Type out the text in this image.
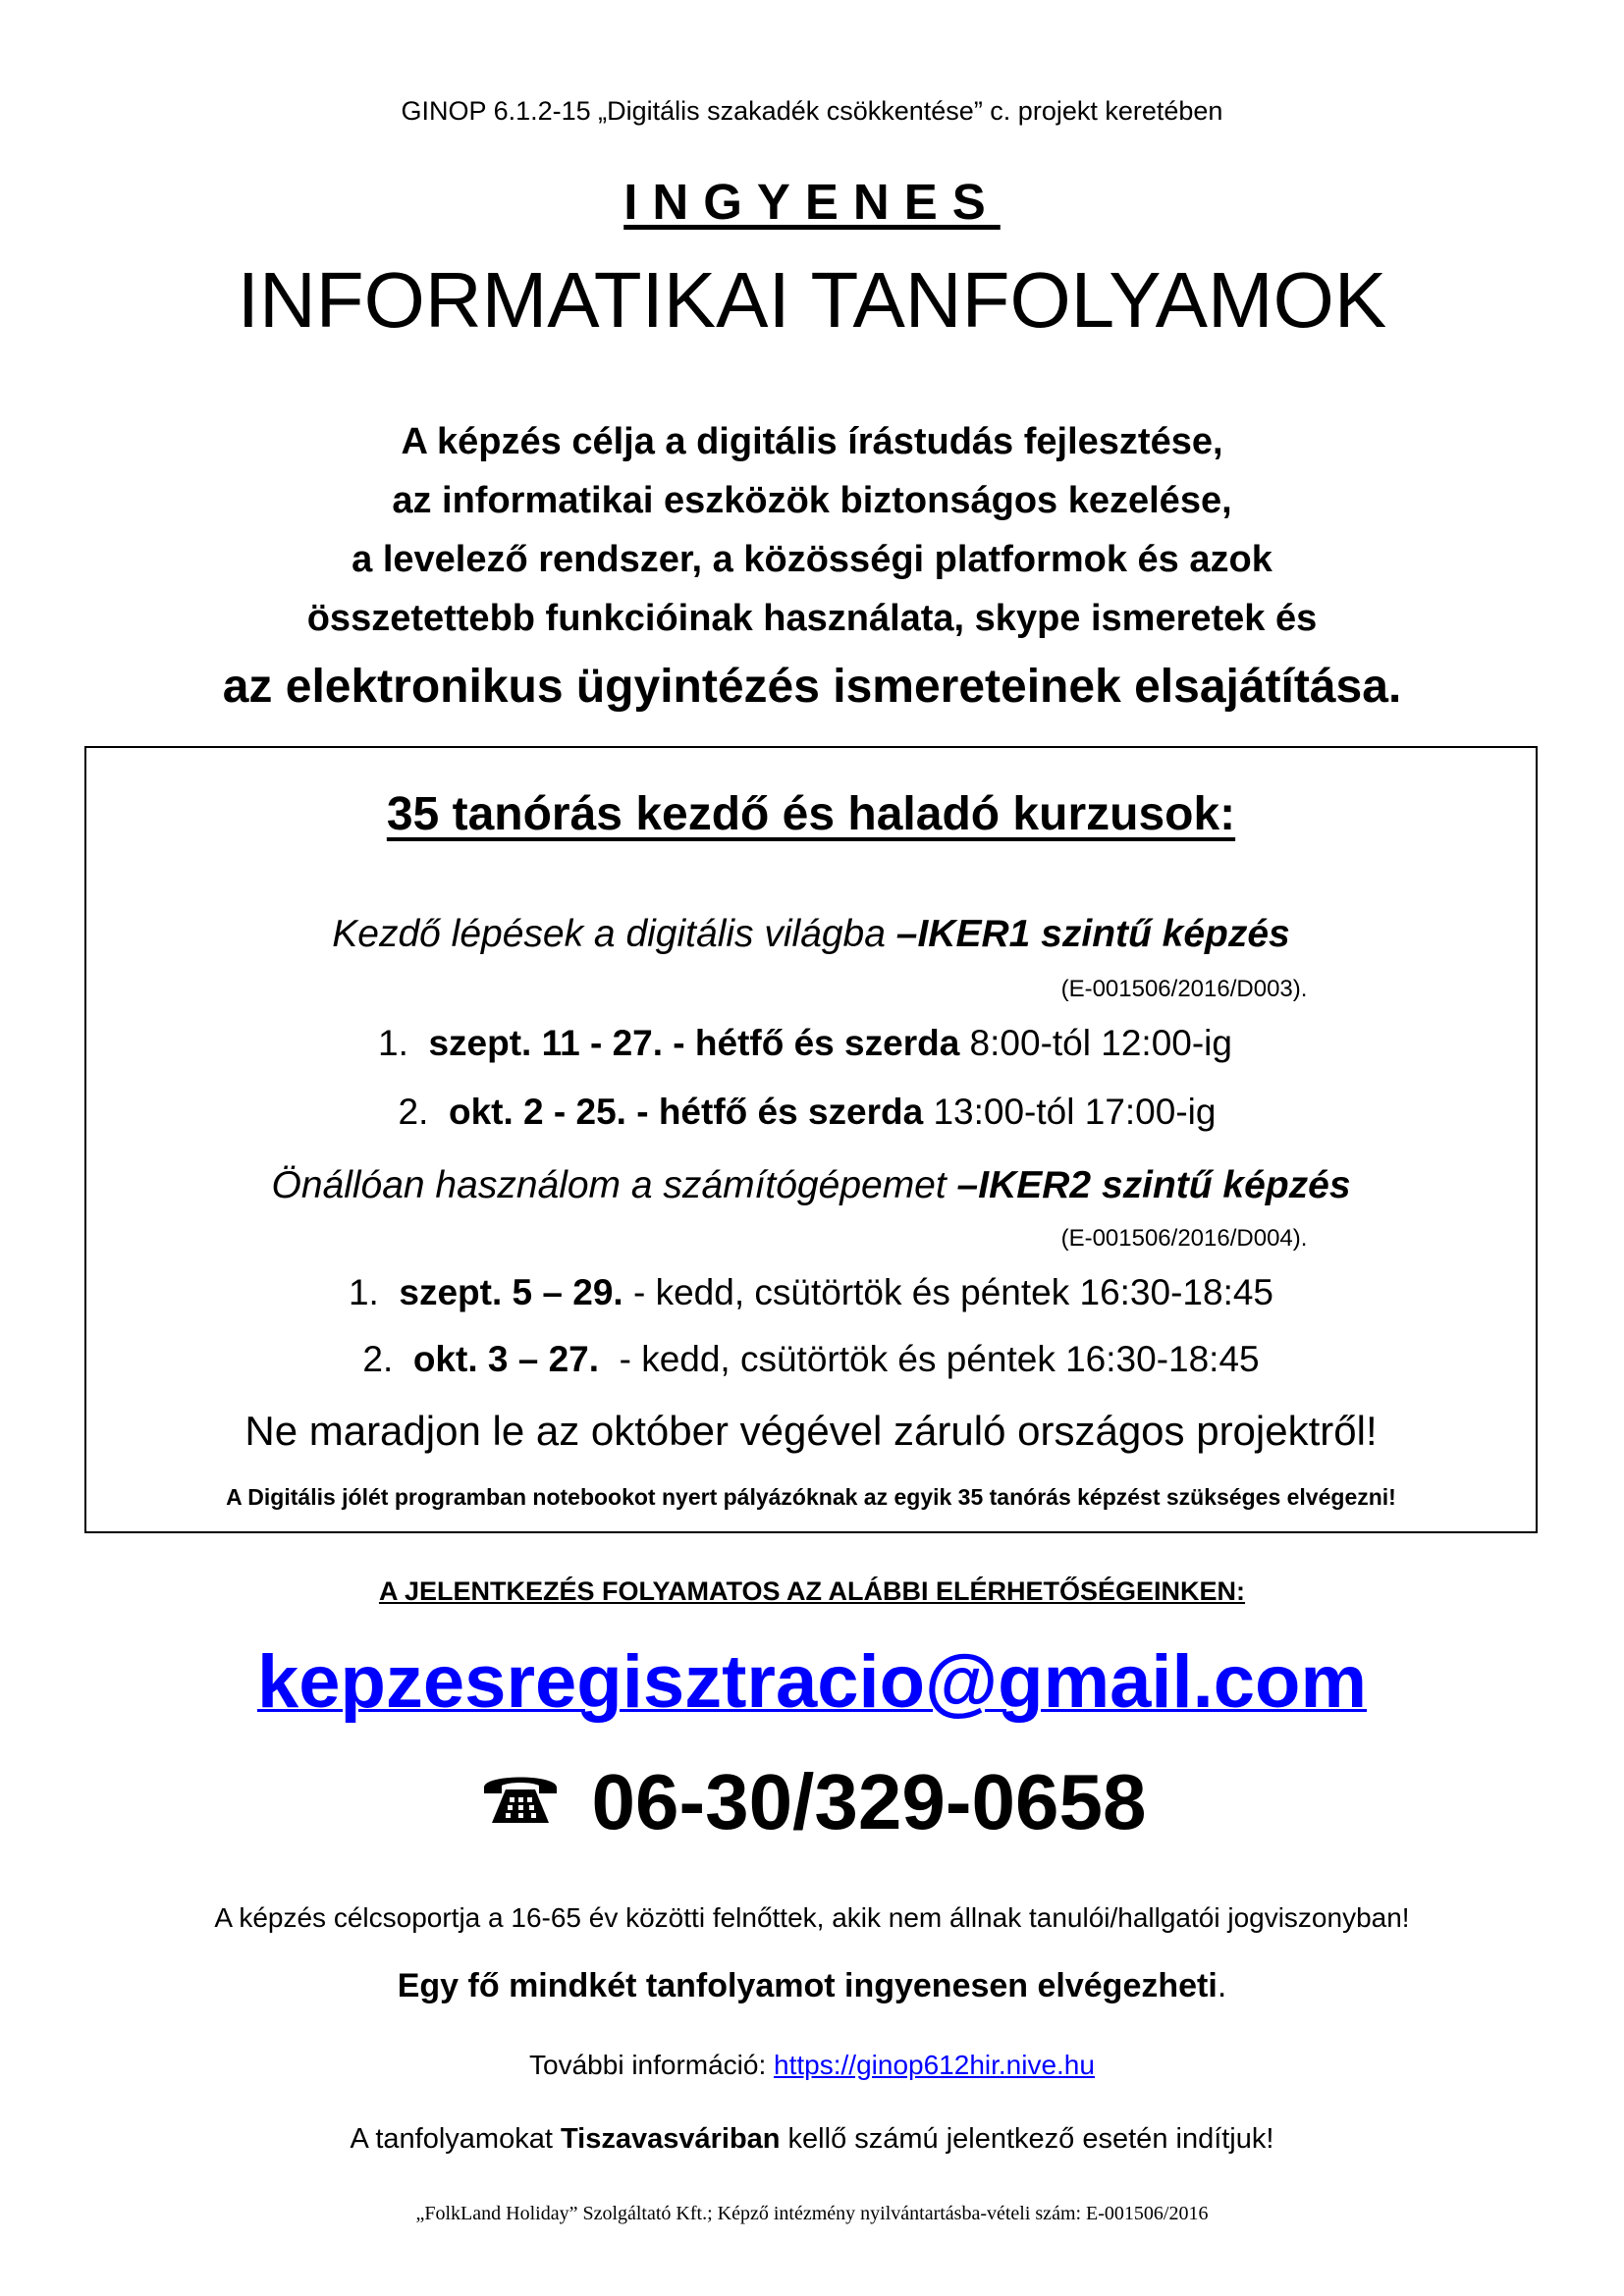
GINOP 6.1.2-15 „Digitális szakadék csökkentése” c. projekt keretében
INGYENES
INFORMATIKAI TANFOLYAMOK
A képzés célja a digitális írástudás fejlesztése,
az informatikai eszközök biztonságos kezelése,
a levelező rendszer, a közösségi platformok és azok
összetettebb funkcióinak használata, skype ismeretek és
az elektronikus ügyintézés ismereteinek elsajátítása.
35 tanórás kezdő és haladó kurzusok:
Kezdő lépések a digitális világba –IKER1 szintű képzés
(E-001506/2016/D003).
1. szept. 11 - 27. - hétfő és szerda 8:00-tól 12:00-ig
2. okt. 2 - 25. - hétfő és szerda 13:00-tól 17:00-ig
Önállóan használom a számítógépemet –IKER2 szintű képzés
(E-001506/2016/D004).
1. szept. 5 – 29. - kedd, csütörtök és péntek 16:30-18:45
2. okt. 3 – 27.  - kedd, csütörtök és péntek 16:30-18:45
Ne maradjon le az október végével záruló országos projektről!
A Digitális jólét programban notebookot nyert pályázóknak az egyik 35 tanórás képzést szükséges elvégezni!
A JELENTKEZÉS FOLYAMATOS AZ ALÁBBI ELÉRHETŐSÉGEINKEN:
kepzesregisztracio@gmail.com
06-30/329-0658
A képzés célcsoportja a 16-65 év közötti felnőttek, akik nem állnak tanulói/hallgatói jogviszonyban!
Egy fő mindkét tanfolyamot ingyenesen elvégezheti.
További információ: https://ginop612hir.nive.hu
A tanfolyamokat Tiszavasváriban kellő számú jelentkező esetén indítjuk!
„FolkLand Holiday” Szolgáltató Kft.; Képző intézmény nyilvántartásba-vételi szám: E-001506/2016
